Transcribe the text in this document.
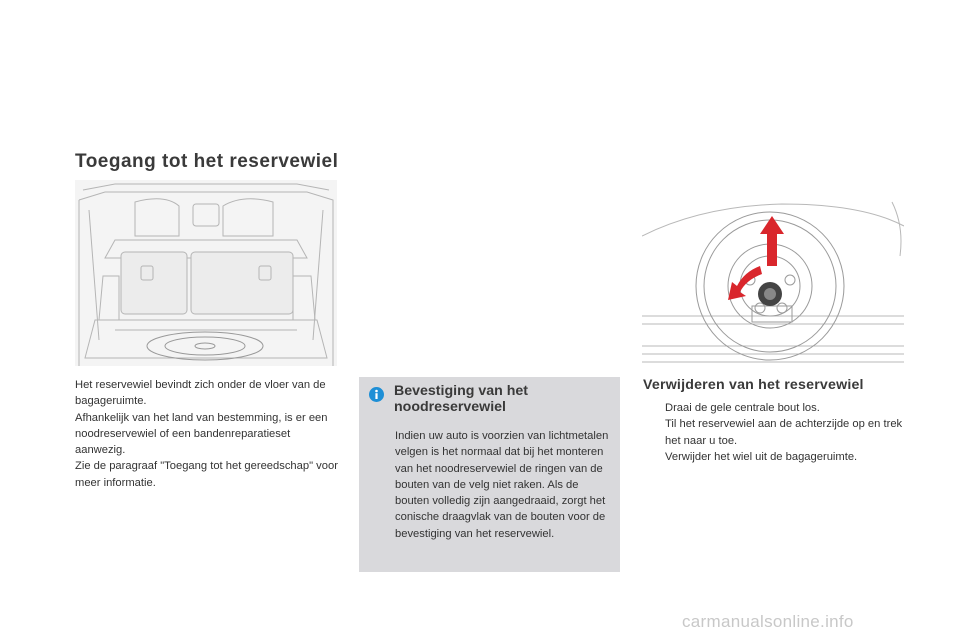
Toegang tot het reservewiel

Het reservewiel bevindt zich onder de vloer van de bagageruimte.

Afhankelijk van het land van bestemming, is er een noodreservewiel of een bandenreparatieset aanwezig.

Zie de paragraaf "Toegang tot het gereedschap" voor meer informatie.

Bevestiging van het noodreservewiel

Indien uw auto is voorzien van lichtmetalen velgen is het normaal dat bij het monteren van het noodreservewiel de ringen van de bouten van de velg niet raken. Als de bouten volledig zijn aangedraaid, zorgt het conische draagvlak van de bouten voor de bevestiging van het reservewiel.

Verwijderen van het reservewiel
Draai de gele centrale bout los.
Til het reservewiel aan de achterzijde op en trek het naar u toe.
Verwijder het wiel uit de bagageruimte.
carmanualsonline.info
